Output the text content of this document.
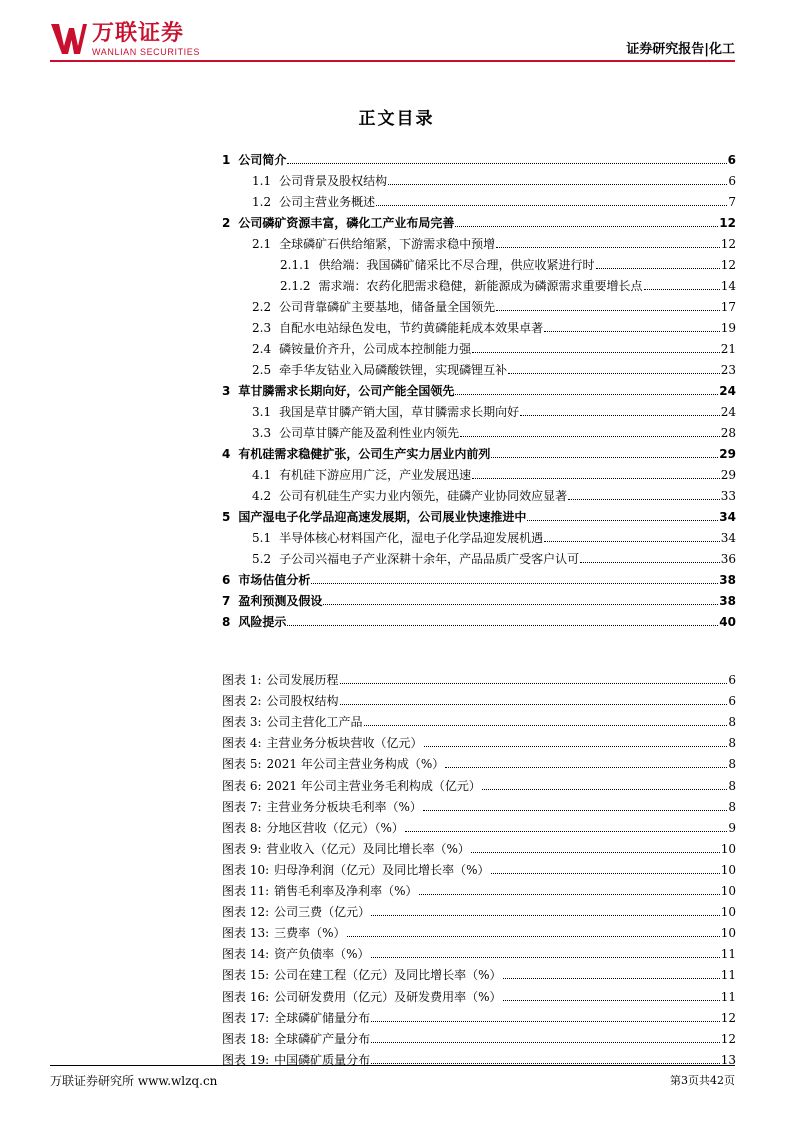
万联证券
WANLIAN SECURITIES	证券研究报告|化工
正文目录
1 公司简介	6
1.1 公司背景及股权结构	6
1.2 公司主营业务概述	7
2 公司磷矿资源丰富，磷化工产业布局完善	12
2.1 全球磷矿石供给缩紧，下游需求稳中预增	12
2.1.1 供给端：我国磷矿储采比不尽合理，供应收紧进行时	12
2.1.2 需求端：农药化肥需求稳健，新能源成为磷源需求重要增长点	14
2.2 公司背靠磷矿主要基地，储备量全国领先	17
2.3 自配水电站绿色发电，节约黄磷能耗成本效果卓著	19
2.4 磷铵量价齐升，公司成本控制能力强	21
2.5 牵手华友钴业入局磷酸铁锂，实现磷锂互补	23
3 草甘膦需求长期向好，公司产能全国领先	24
3.1 我国是草甘膦产销大国，草甘膦需求长期向好	24
3.3 公司草甘膦产能及盈利性业内领先	28
4 有机硅需求稳健扩张，公司生产实力居业内前列	29
4.1 有机硅下游应用广泛，产业发展迅速	29
4.2 公司有机硅生产实力业内领先，硅磷产业协同效应显著	33
5 国产湿电子化学品迎高速发展期，公司展业快速推进中	34
5.1 半导体核心材料国产化，湿电子化学品迎发展机遇	34
5.2 子公司兴福电子产业深耕十余年，产品品质广受客户认可	36
6 市场估值分析	38
7 盈利预测及假设	38
8 风险提示	40
图表 1: 公司发展历程	6
图表 2: 公司股权结构	6
图表 3: 公司主营化工产品	8
图表 4: 主营业务分板块营收（亿元）	8
图表 5: 2021 年公司主营业务构成（%）	8
图表 6: 2021 年公司主营业务毛利构成（亿元）	8
图表 7: 主营业务分板块毛利率（%）	8
图表 8: 分地区营收（亿元）（%）	9
图表 9: 营业收入（亿元）及同比增长率（%）	10
图表 10: 归母净利润（亿元）及同比增长率（%）	10
图表 11: 销售毛利率及净利率（%）	10
图表 12: 公司三费（亿元）	10
图表 13: 三费率（%）	10
图表 14: 资产负债率（%）	11
图表 15: 公司在建工程（亿元）及同比增长率（%）	11
图表 16: 公司研发费用（亿元）及研发费用率（%）	11
图表 17: 全球磷矿储量分布	12
图表 18: 全球磷矿产量分布	12
图表 19: 中国磷矿质量分布	13
万联证券研究所 www.wlzq.cn	第3页共42页
